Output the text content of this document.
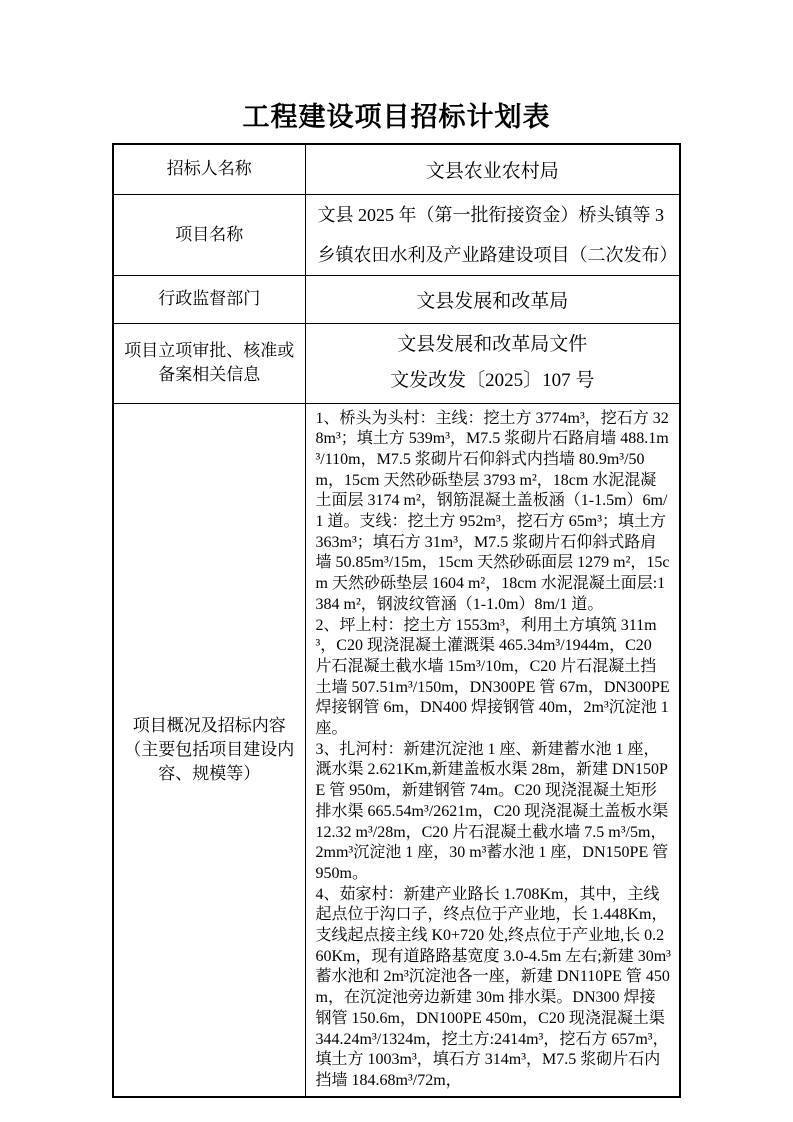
工程建设项目招标计划表
招标人名称	文县农业农村局
项目名称	文县 2025 年（第一批衔接资金）桥头镇等 3
乡镇农田水利及产业路建设项目（二次发布）

行政监督部门	文县发展和改革局
项目立项审批、核准或备案相关信息	文县发展和改革局文件
文发改发〔2025〕107 号

项目概况及招标内容（主要包括项目建设内容、规模等）	1、桥头为头村：主线：挖土方 3774m³，挖石方 328m³；填土方 539m³，M7.5 浆砌片石路肩墙 488.1m³/110m，M7.5 浆砌片石仰斜式内挡墙 80.9m³/50m，15cm 天然砂砾垫层 3793 m²，18cm 水泥混凝土面层 3174 m²，钢筋混凝土盖板涵（1-1.5m）6m/1 道。支线：挖土方 952m³，挖石方 65m³；填土方 363m³；填石方 31m³，M7.5 浆砌片石仰斜式路肩墙 50.85m³/15m，15cm 天然砂砾面层 1279 m²，15cm 天然砂砾垫层 1604 m²，18cm 水泥混凝土面层:1384 m²，钢波纹管涵（1-1.0m）8m/1 道。
2、坪上村：挖土方 1553m³，利用土方填筑 311m³，C20 现浇混凝土灌溉渠 465.34m³/1944m，C20 片石混凝土截水墙 15m³/10m，C20 片石混凝土挡土墙 507.51m³/150m，DN300PE 管 67m，DN300PE 焊接钢管 6m，DN400 焊接钢管 40m，2m³沉淀池 1 座。
3、扎河村：新建沉淀池 1 座、新建蓄水池 1 座，溉水渠 2.621Km,新建盖板水渠 28m，新建 DN150PE 管 950m，新建钢管 74m。C20 现浇混凝土矩形排水渠 665.54m³/2621m，C20 现浇混凝土盖板水渠 12.32 m³/28m，C20 片石混凝土截水墙 7.5 m³/5m，2mm³沉淀池 1 座，30 m³蓄水池 1 座，DN150PE 管 950m。
4、茹家村：新建产业路长 1.708Km，其中，主线起点位于沟口子，终点位于产业地，长 1.448Km，支线起点接主线 K0+720 处,终点位于产业地,长 0.260Km，现有道路路基宽度 3.0-4.5m 左右;新建 30m³蓄水池和 2m³沉淀池各一座，新建 DN110PE 管 450m，在沉淀池旁边新建 30m 排水渠。DN300 焊接钢管 150.6m，DN100PE 450m，C20 现浇混凝土渠 344.24m³/1324m，挖土方:2414m³，挖石方 657m³，填土方 1003m³，填石方 314m³，M7.5 浆砌片石内挡墙 184.68m³/72m，
